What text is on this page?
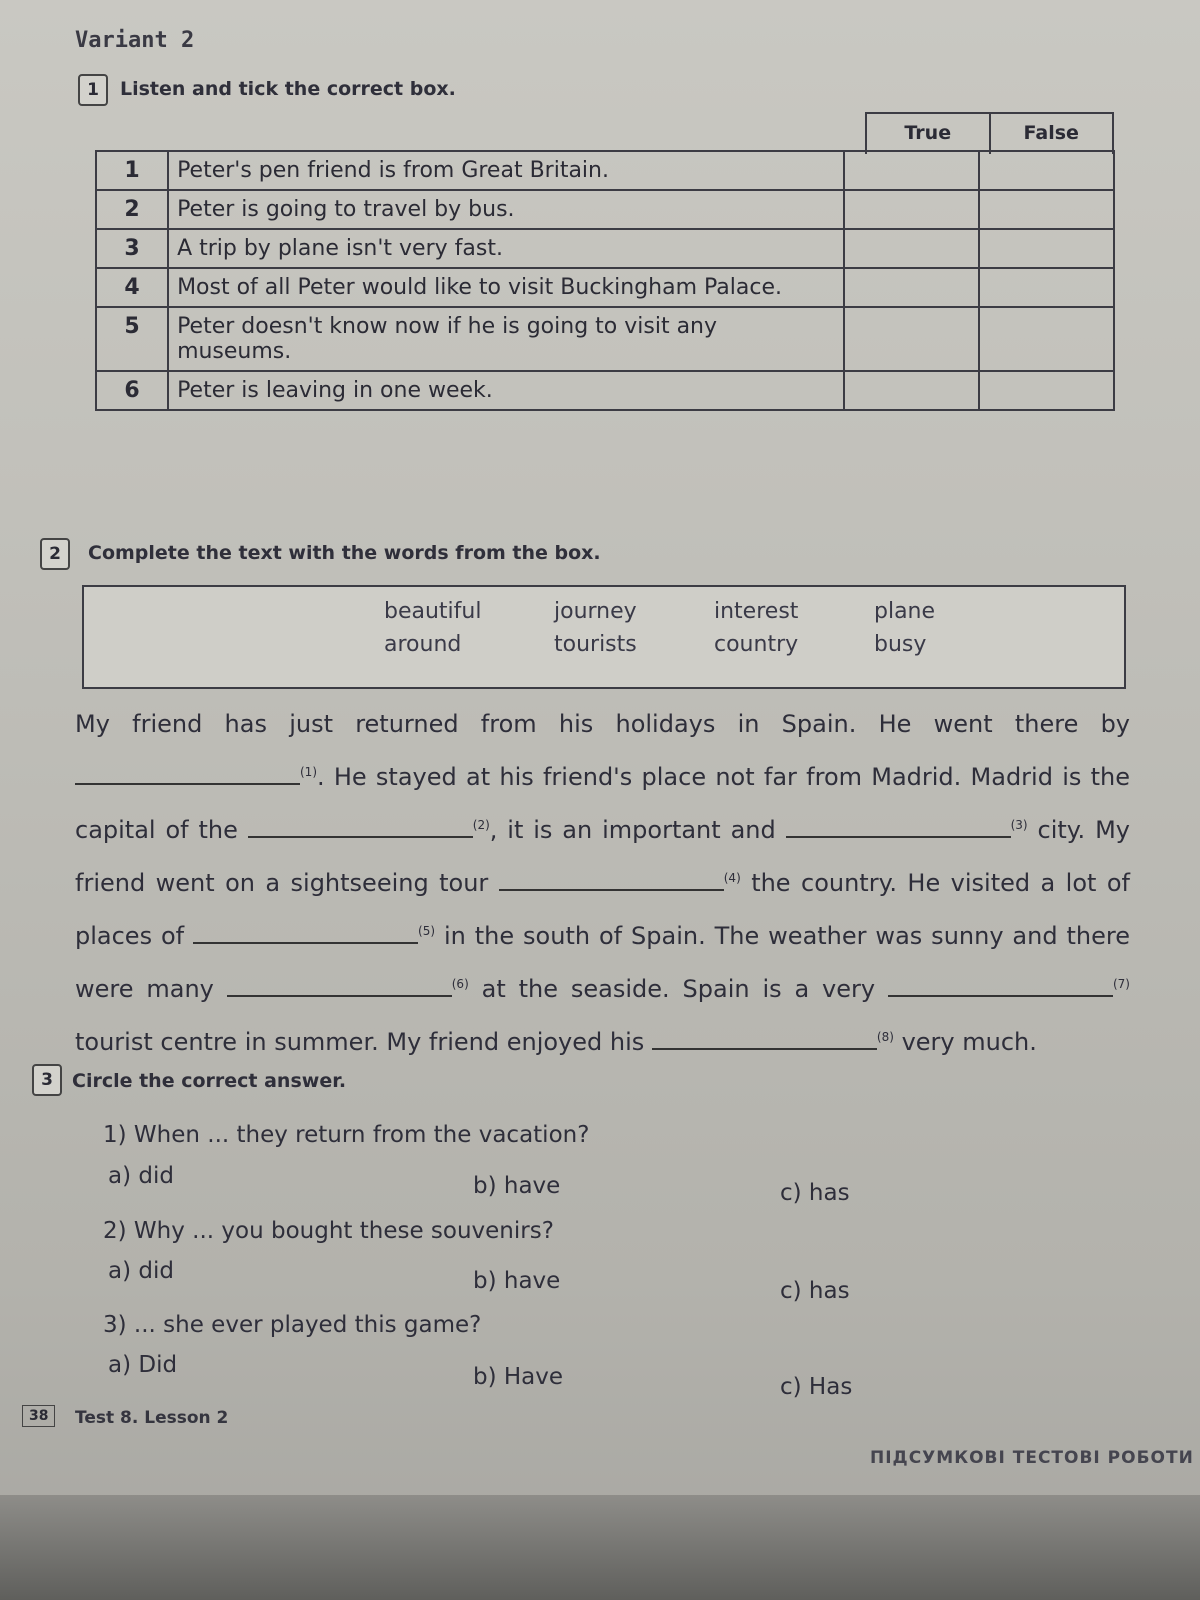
Variant 2
1	Listen and tick the correct box.
True	False
1	Peter's pen friend is from Great Britain.		
2	Peter is going to travel by bus.		
3	A trip by plane isn't very fast.		
4	Most of all Peter would like to visit Buckingham Palace.		
5	Peter doesn't know now if he is going to visit any museums.		
6	Peter is leaving in one week.		
2	Complete the text with the words from the box.
beautiful	journey	interest	plane
around	tourists	country	busy
My friend has just returned from his holidays in Spain. He went there by $^{(1)}$. He stayed at his friend's place not far from Madrid. Madrid is the capital of the	$^{(2)}$, it is an important and	$^{(3)}$ city. My friend went on a sightseeing tour	$^{(4)}$ the country. He visited a lot of places of	$^{(5)}$ in the south of Spain. The weather was sunny and there were many	$^{(6)}$ at the seaside. Spain is a very	$^{(7)}$ tourist centre in summer. My friend enjoyed his	$^{(8)}$ very much.
3	Circle the correct answer.
1) When ... they return from the vacation?
a) did	b) have	c) has
2) Why ... you bought these souvenirs?
a) did	b) have	c) has
3) ... she ever played this game?
a) Did	b) Have	c) Has
38	Test 8. Lesson 2
ПІДСУМКОВІ ТЕСТОВІ РОБОТИ
